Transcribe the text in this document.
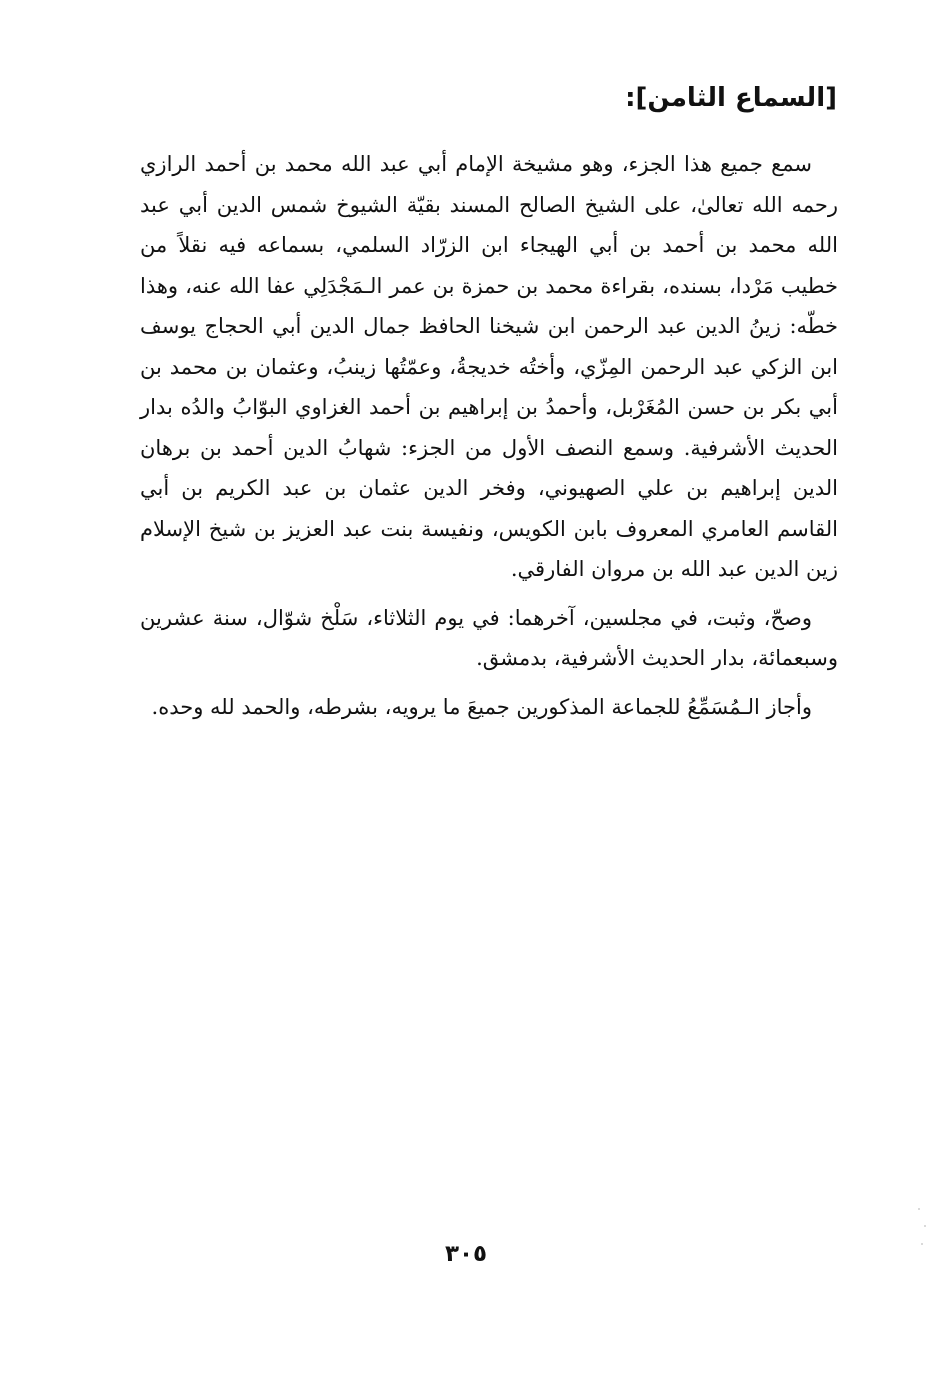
[السماع الثامن]:

سمع جميع هذا الجزء، وهو مشيخة الإمام أبي عبد الله محمد بن أحمد الرازي رحمه الله تعالىٰ، على الشيخ الصالح المسند بقيّة الشيوخ شمس الدين أبي عبد الله محمد بن أحمد بن أبي الهيجاء ابن الزرّاد السلمي، بسماعه فيه نقلاً من خطيب مَرْدا، بسنده، بقراءة محمد بن حمزة بن عمر الـمَجْدَلِي عفا الله عنه، وهذا خطّه: زينُ الدين عبد الرحمن ابن شيخنا الحافظ جمال الدين أبي الحجاج يوسف ابن الزكي عبد الرحمن المِزّي، وأختُه خديجةُ، وعمّتُها زينبُ، وعثمان بن محمد بن أبي بكر بن حسن المُغَرْبل، وأحمدُ بن إبراهيم بن أحمد الغزاوي البوّابُ والدُه بدار الحديث الأشرفية. وسمع النصف الأول من الجزء: شهابُ الدين أحمد بن برهان الدين إبراهيم بن علي الصهيوني، وفخر الدين عثمان بن عبد الكريم بن أبي القاسم العامري المعروف بابن الكويس، ونفيسة بنت عبد العزيز بن شيخ الإسلام زين الدين عبد الله بن مروان الفارقي.

وصحّ، وثبت، في مجلسين، آخرهما: في يوم الثلاثاء، سَلْخ شوّال، سنة عشرين وسبعمائة، بدار الحديث الأشرفية، بدمشق.

وأجاز الـمُسَمِّعُ للجماعة المذكورين جميعَ ما يرويه، بشرطه، والحمد لله وحده.

٣٠٥
